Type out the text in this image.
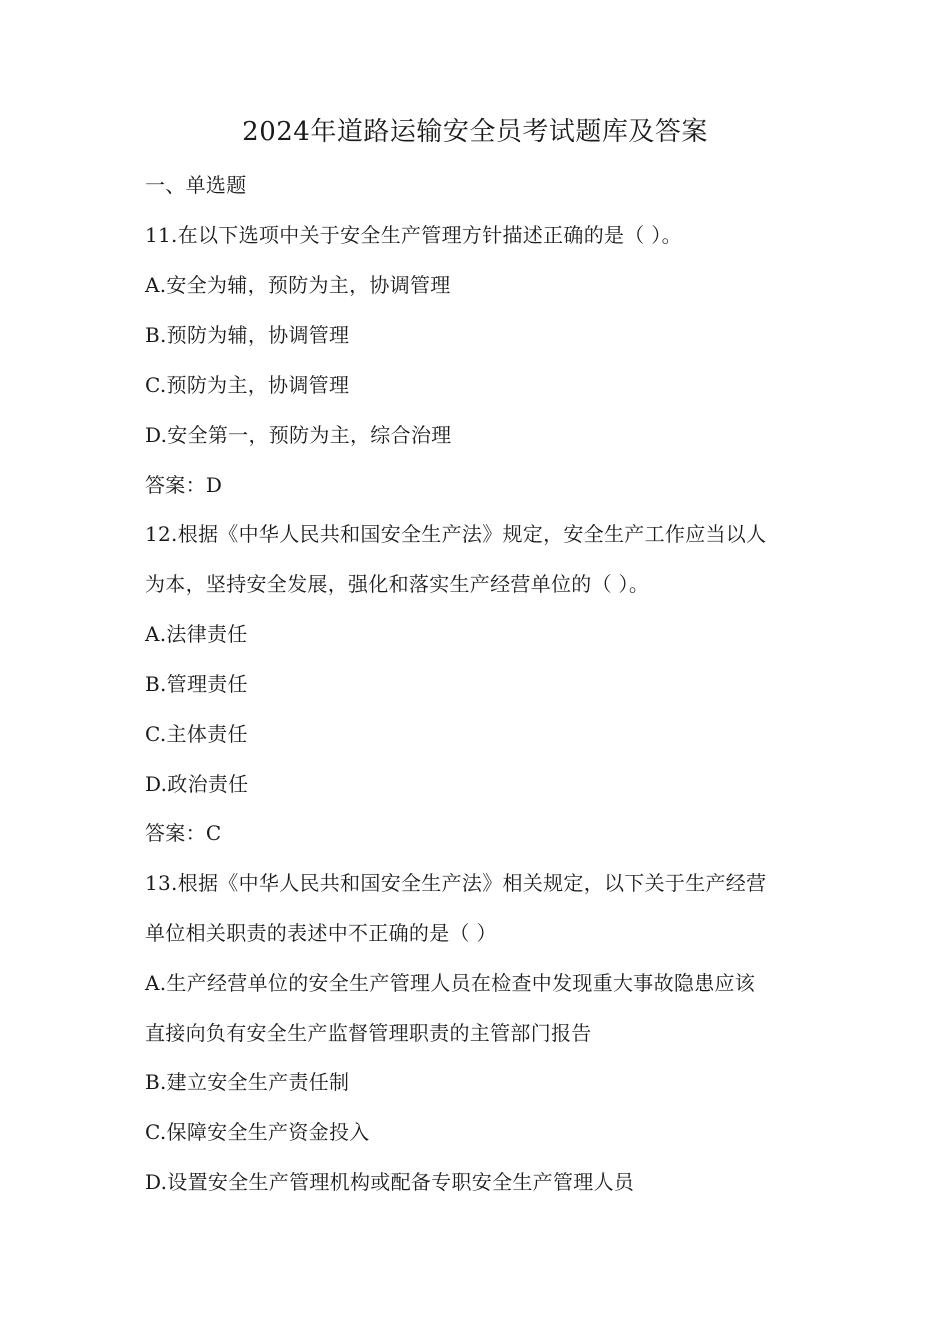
2024年道路运输安全员考试题库及答案
一、单选题
11.在以下选项中关于安全生产管理方针描述正确的是（ ）。
A.安全为辅，预防为主，协调管理
B.预防为辅，协调管理
C.预防为主，协调管理
D.安全第一，预防为主，综合治理
答案：D
12.根据《中华人民共和国安全生产法》规定，安全生产工作应当以人
为本，坚持安全发展，强化和落实生产经营单位的（ ）。
A.法律责任
B.管理责任
C.主体责任
D.政治责任
答案：C
13.根据《中华人民共和国安全生产法》相关规定，以下关于生产经营
单位相关职责的表述中不正确的是（ ）
A.生产经营单位的安全生产管理人员在检查中发现重大事故隐患应该
直接向负有安全生产监督管理职责的主管部门报告
B.建立安全生产责任制
C.保障安全生产资金投入
D.设置安全生产管理机构或配备专职安全生产管理人员
